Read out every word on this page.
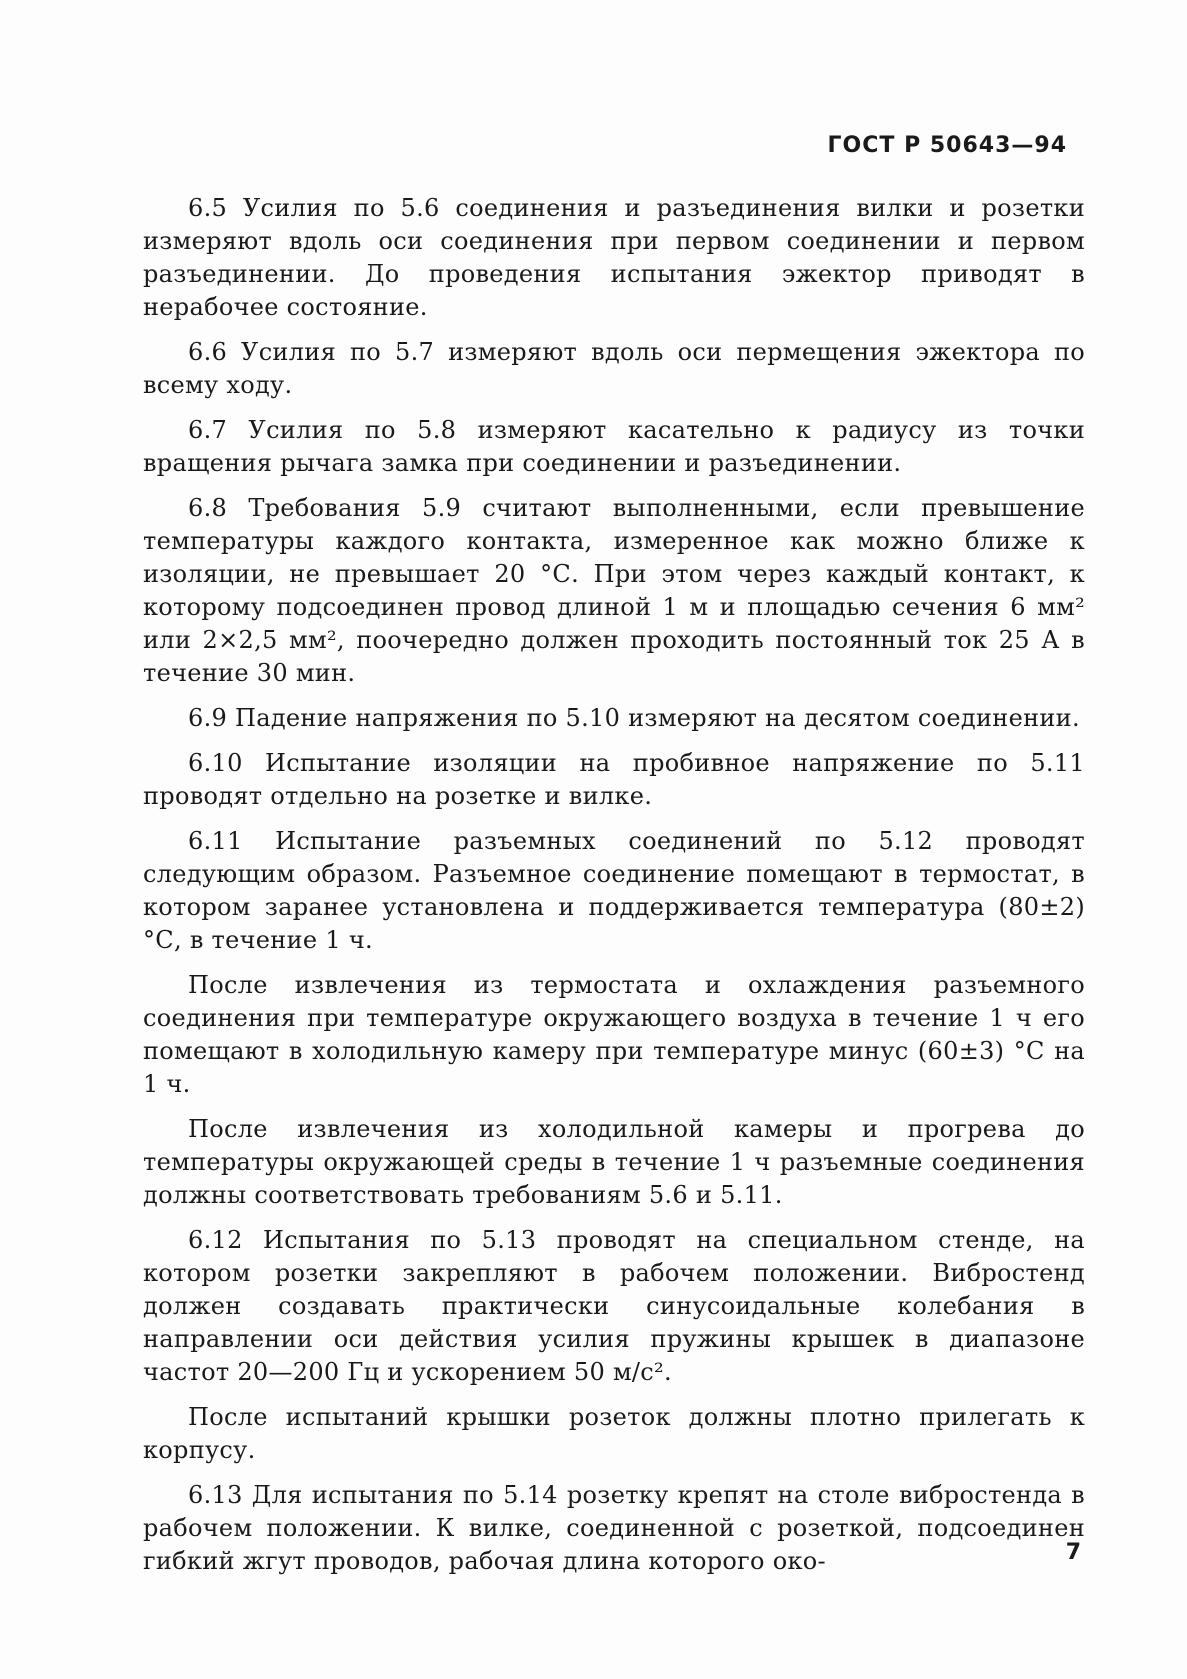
ГОСТ Р 50643—94

6.5 Усилия по 5.6 соединения и разъединения вилки и розетки измеряют вдоль оси соединения при первом соединении и первом разъединении. До проведения испытания эжектор приводят в нерабочее состояние.

6.6 Усилия по 5.7 измеряют вдоль оси пермещения эжектора по всему ходу.

6.7 Усилия по 5.8 измеряют касательно к радиусу из точки вращения рычага замка при соединении и разъединении.

6.8 Требования 5.9 считают выполненными, если превышение температуры каждого контакта, измеренное как можно ближе к изоляции, не превышает 20 °С. При этом через каждый контакт, к которому подсоединен провод длиной 1 м и площадью сечения 6 мм² или 2×2,5 мм², поочередно должен проходить постоянный ток 25 А в течение 30 мин.

6.9 Падение напряжения по 5.10 измеряют на десятом соединении.

6.10 Испытание изоляции на пробивное напряжение по 5.11 проводят отдельно на розетке и вилке.

6.11 Испытание разъемных соединений по 5.12 проводят следующим образом. Разъемное соединение помещают в термостат, в котором заранее установлена и поддерживается температура (80±2) °С, в течение 1 ч.

После извлечения из термостата и охлаждения разъемного соединения при температуре окружающего воздуха в течение 1 ч его помещают в холодильную камеру при температуре минус (60±3) °С на 1 ч.

После извлечения из холодильной камеры и прогрева до температуры окружающей среды в течение 1 ч разъемные соединения должны соответствовать требованиям 5.6 и 5.11.

6.12 Испытания по 5.13 проводят на специальном стенде, на котором розетки закрепляют в рабочем положении. Вибростенд должен создавать практически синусоидальные колебания в направлении оси действия усилия пружины крышек в диапазоне частот 20—200 Гц и ускорением 50 м/с².

После испытаний крышки розеток должны плотно прилегать к корпусу.

6.13 Для испытания по 5.14 розетку крепят на столе вибростенда в рабочем положении. К вилке, соединенной с розеткой, подсоединен гибкий жгут проводов, рабочая длина которого око-	7
